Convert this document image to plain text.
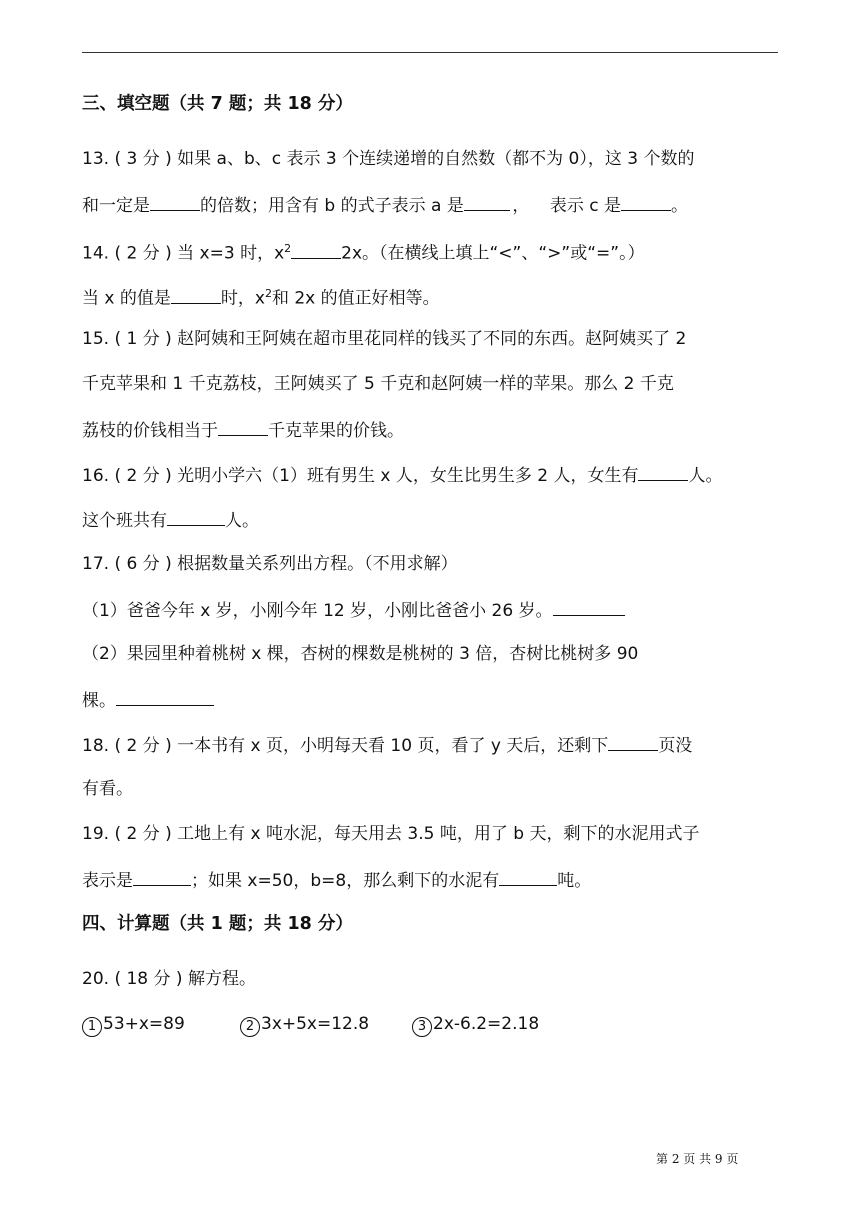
三、填空题（共 7 题；共 18 分）
13. ( 3 分 ) 如果 a、b、c 表示 3 个连续递增的自然数（都不为 0），这 3 个数的
和一定是	的倍数；用含有 b 的式子表示 a 是	， 表示 c 是	。
14. ( 2 分 ) 当 x=3 时，$x^2$	2x。（在横线上填上“<”、“>”或“=”。）
当 x 的值是	时，$x^2$和 2x 的值正好相等。
15. ( 1 分 ) 赵阿姨和王阿姨在超市里花同样的钱买了不同的东西。赵阿姨买了 2
千克苹果和 1 千克荔枝，王阿姨买了 5 千克和赵阿姨一样的苹果。那么 2 千克
荔枝的价钱相当于	千克苹果的价钱。
16. ( 2 分 ) 光明小学六（1）班有男生 x 人，女生比男生多 2 人，女生有	人。
这个班共有	人。
17. ( 6 分 ) 根据数量关系列出方程。（不用求解）
（1）爸爸今年 x 岁，小刚今年 12 岁，小刚比爸爸小 26 岁。
（2）果园里种着桃树 x 棵，杏树的棵数是桃树的 3 倍，杏树比桃树多 90
棵。
18. ( 2 分 ) 一本书有 x 页，小明每天看 10 页，看了 y 天后，还剩下	页没
有看。
19. ( 2 分 ) 工地上有 x 吨水泥，每天用去 3.5 吨，用了 b 天，剩下的水泥用式子
表示是	；如果 x=50，b=8，那么剩下的水泥有	吨。
四、计算题（共 1 题；共 18 分）
20. ( 18 分 ) 解方程。
1 53+x=89	2 3x+5x=12.8	3 2x-6.2=2.18
第 2 页 共 9 页
